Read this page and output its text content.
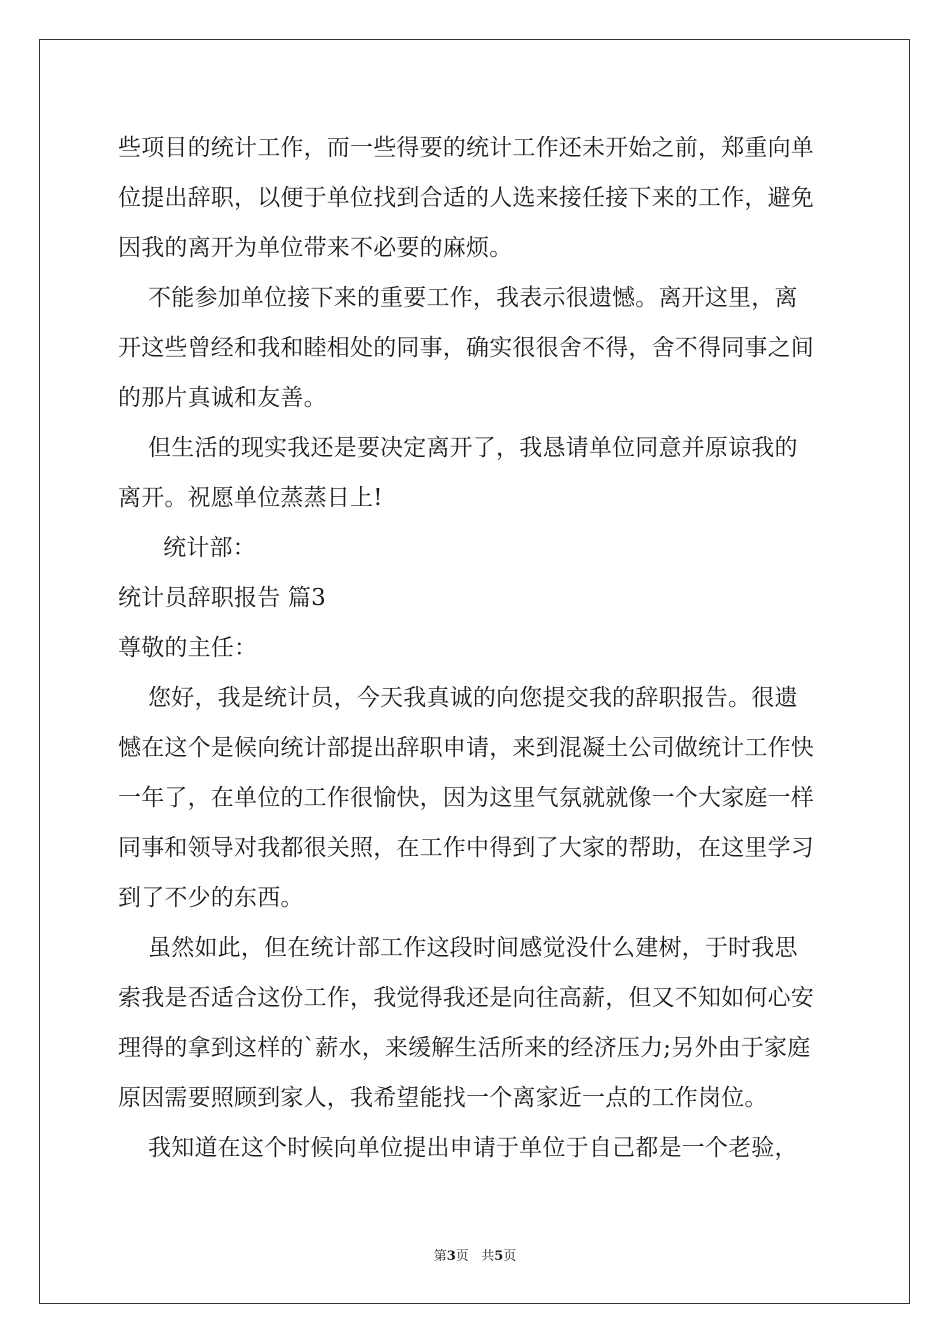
些项目的统计工作，而一些得要的统计工作还未开始之前，郑重向单
位提出辞职，以便于单位找到合适的人选来接任接下来的工作，避免
因我的离开为单位带来不必要的麻烦。
不能参加单位接下来的重要工作，我表示很遗憾。离开这里，离
开这些曾经和我和睦相处的同事，确实很很舍不得，舍不得同事之间
的那片真诚和友善。
但生活的现实我还是要决定离开了，我恳请单位同意并原谅我的
离开。祝愿单位蒸蒸日上!
统计部：
统计员辞职报告 篇3
尊敬的主任：
您好，我是统计员，今天我真诚的向您提交我的辞职报告。很遗
憾在这个是候向统计部提出辞职申请，来到混凝土公司做统计工作快
一年了，在单位的工作很愉快，因为这里气氛就就像一个大家庭一样
同事和领导对我都很关照，在工作中得到了大家的帮助，在这里学习
到了不少的东西。
虽然如此，但在统计部工作这段时间感觉没什么建树，于时我思
索我是否适合这份工作，我觉得我还是向往高薪，但又不知如何心安
理得的拿到这样的`薪水，来缓解生活所来的经济压力;另外由于家庭
原因需要照顾到家人，我希望能找一个离家近一点的工作岗位。
我知道在这个时候向单位提出申请于单位于自己都是一个老验，
第3页 共5页
